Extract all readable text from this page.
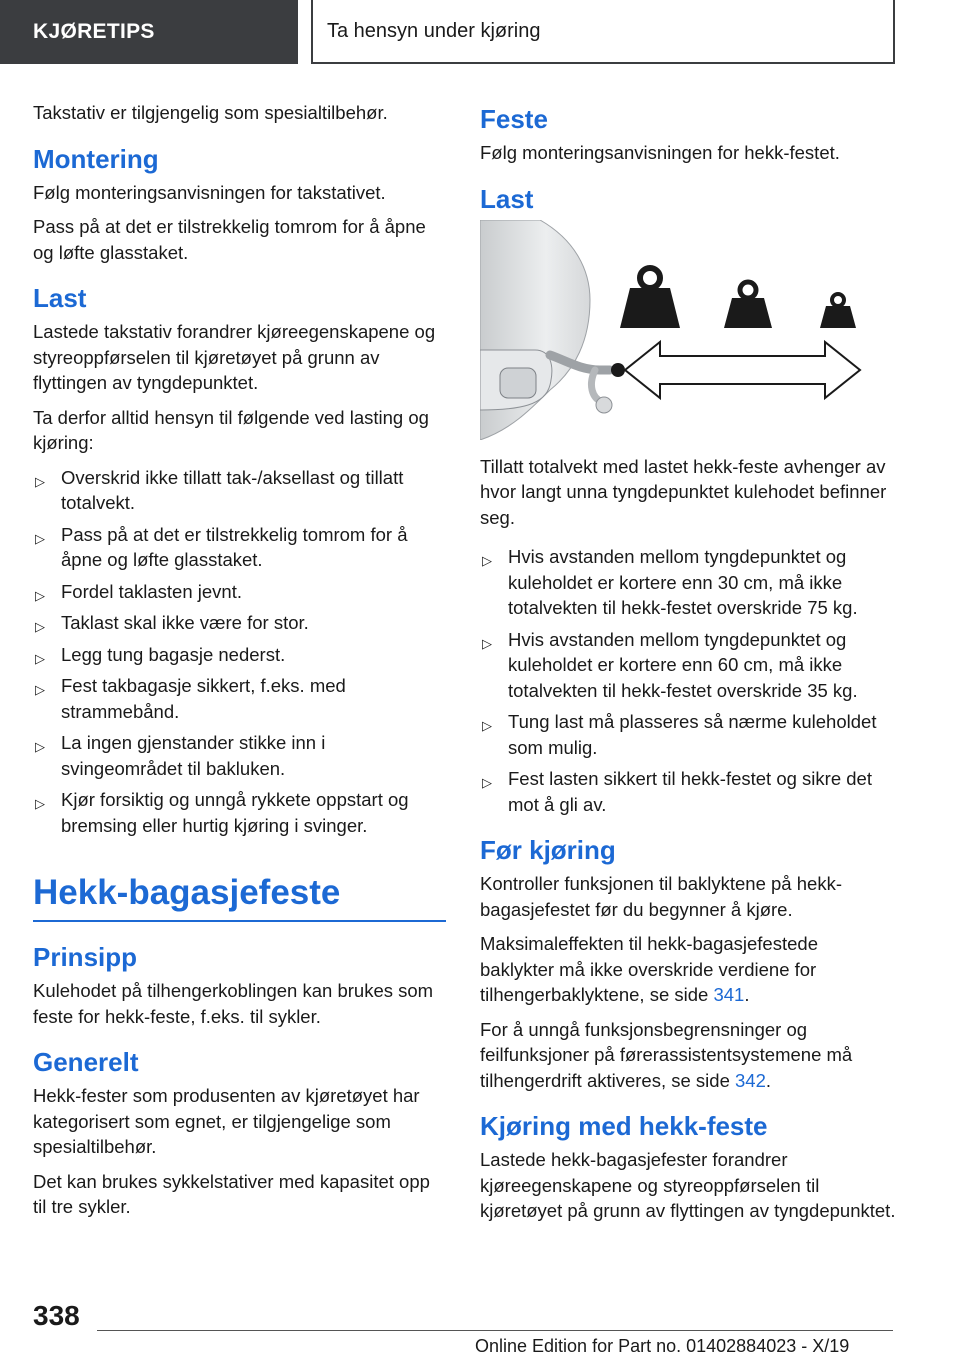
KJØRETIPS	Ta hensyn under kjøring

Takstativ er tilgjengelig som spesialtilbehør.

Montering

Følg monteringsanvisningen for takstativet.

Pass på at det er tilstrekkelig tomrom for å åpne og løfte glasstaket.

Last

Lastede takstativ forandrer kjøreegenskapene og styreoppførselen til kjøretøyet på grunn av flyttingen av tyngdepunktet.

Ta derfor alltid hensyn til følgende ved lasting og kjøring:

▷ Overskrid ikke tillatt tak-/aksellast og tillatt totalvekt.
▷ Pass på at det er tilstrekkelig tomrom for å åpne og løfte glasstaket.
▷ Fordel taklasten jevnt.
▷ Taklast skal ikke være for stor.
▷ Legg tung bagasje nederst.
▷ Fest takbagasje sikkert, f.eks. med strammebånd.
▷ La ingen gjenstander stikke inn i svingeområdet til bakluken.
▷ Kjør forsiktig og unngå rykkete oppstart og bremsing eller hurtig kjøring i svinger.
Hekk-bagasjefeste
Prinsipp

Kulehodet på tilhengerkoblingen kan brukes som feste for hekk-feste, f.eks. til sykler.

Generelt

Hekk-fester som produsenten av kjøretøyet har kategorisert som egnet, er tilgjengelige som spesialtilbehør.

Det kan brukes sykkelstativer med kapasitet opp til tre sykler.

Feste

Følg monteringsanvisningen for hekk-festet.

Last

Tillatt totalvekt med lastet hekk-feste avhenger av hvor langt unna tyngdepunktet kulehodet befinner seg.

▷ Hvis avstanden mellom tyngdepunktet og kuleholdet er kortere enn 30 cm, må ikke totalvekten til hekk-festet overskride 75 kg.
▷ Hvis avstanden mellom tyngdepunktet og kuleholdet er kortere enn 60 cm, må ikke totalvekten til hekk-festet overskride 35 kg.
▷ Tung last må plasseres så nærme kuleholdet som mulig.
▷ Fest lasten sikkert til hekk-festet og sikre det mot å gli av.
Før kjøring

Kontroller funksjonen til baklyktene på hekk-bagasjefestet før du begynner å kjøre.

Maksimaleffekten til hekk-bagasjefestede baklykter må ikke overskride verdiene for tilhengerbaklyktene, se side 341.

For å unngå funksjonsbegrensninger og feilfunksjoner på førerassistentsystemene må tilhengerdrift aktiveres, se side 342.

Kjøring med hekk-feste

Lastede hekk-bagasjefester forandrer kjøreegenskapene og styreoppførselen til kjøretøyet på grunn av flyttingen av tyngdepunktet.

338
Online Edition for Part no. 01402884023 - X/19
